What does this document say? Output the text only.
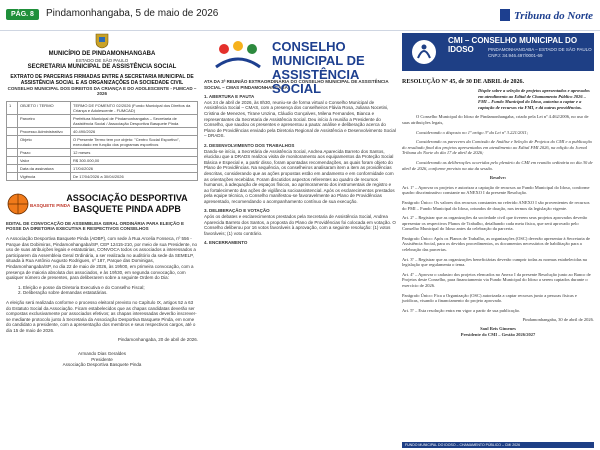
PÁG. 8	Pindamonhangaba, 5 de maio de 2026	Tribuna do Norte
MUNICÍPIO DE PINDAMONHANGABA
ESTADO DE SÃO PAULO
SECRETARIA MUNICIPAL DE ASSISTÊNCIA SOCIAL
EXTRATO DE PARCERIAS FIRMADAS ENTRE A SECRETARIA MUNICIPAL DE ASSISTÊNCIA SOCIAL E AS ORGANIZAÇÕES DA SOCIEDADE CIVIL
CONSELHO MUNICIPAL DOS DIREITOS DA CRIANÇA E DO ADOLESCENTE - FUMCAD – 2026
1	OBJETO / TERMO	TERMO DE FOMENTO 02/2026 (Fundo Municipal dos Direitos da Criança e Adolescente - FUMCAD)
	Parceiro	Prefeitura Municipal de Pindamonhangaba – Secretaria de Assistência Social / Associação Desportiva Basquete Pinda
	Processo Administrativo	40.490/2026
	Objeto	O Presente Termo tem por objeto: "Centro Social Esportivo", executado em função dos programas esportivos
	Prazo	12 meses
	Valor	R$ 300.000,00
	Data da assinatura	17/04/2026
	Vigência	De 17/04/2026 a 30/04/2026
BASQUETE PINDA
ASSOCIAÇÃO DESPORTIVA BASQUETE PINDA ADPB
EDITAL DE CONVOCAÇÃO DE ASSEMBLEIA GERAL ORDINÁRIA PARA ELEIÇÃO E POSSE DA DIRETORIA EXECUTIVA E RESPECTIVOS CONSELHOS
A Associação Desportiva Basquete Pinda (ADBP), com sede à Rua Arcelia Fonseca, nº 556 - Parque das Dobimiras, Pindamonhangaba/SP, CEP 12415-210, por meio de sua Presidente, no uso de suas atribuições legais e estatutárias, CONVOCA todos os associados a interessados a participarem da Assembleia Geral Ordinária, a ser realizada no auditório da sede da SEMELP, situada à Rua Antônio Augusto Rodrigues, nº 187, Parque das Dominigas, Pindamonhangaba/SP, no dia 22 de maio de 2026, às 19h00, em primeira convocação, com a presença de maioria absoluta dos associados, e às 19h30, em segunda convocação, com qualquer número de presentes, para deliberarem sobre a seguinte Ordem do Dia:
1. Eleição e posse da Diretoria Executiva e do Conselho Fiscal;
2. Deliberação sobre demandas estatutárias.
A eleição será realizada conforme o processo eleitoral previsto no Capítulo IX, artigos 52 a 63 do Estatuto Social da Associação. Ficam estabelecidos que as chapas candidatas deverão ser compostas exclusivamente por associados efetivos; as chapas interessadas deverão inscrever-se mediante protocolo junto à Secretaria da Associação Desportiva Basquete Pinda, em nome do candidato a presidente, com a apresentação dos membros e seus respectivos cargos, até o dia 15 de maio de 2026.
Pindamonhangaba, 20 de abril de 2026.
Armando Dias Geraldes
Presidente
Associação Desportiva Basquete Pinda
CONSELHO MUNICIPAL DE
ASSISTÊNCIA SOCIAL
ATA DA 3ª REUNIÃO EXTRAORDINÁRIA DO CONSELHO MUNICIPAL DE ASSISTÊNCIA SOCIAL – CMAS PINDAMONHANGABA
1. ABERTURA E PAUTA
Aos 24 de abril de 2026, às 8h30, reuniu-se de forma virtual o Conselho Municipal de Assistência Social – CMAS, com a presença dos conselheiros Flávia Rosa, Juliana Nocetini, Cristina de Menezes, Tirane Unzina, Cláudio Gonçalves, Milena Fernandes, Bianca e representantes da Secretaria de Assistência Social. Deu início à reunião a Presidente do Conselho, que saudou os presentes e apresentou a pauta: análise e deliberação acerca do Plano de Providências enviado pela Diretoria Regional de Assistência e Desenvolvimento Social – DRADS.
2. DESENVOLVIMENTO DOS TRABALHOS
Dando-se início, a Secretária de Assistência Social, Andrea Aparecida Barreto dos Santos, elucidou que a DRADS realizou visita de monitoramento aos equipamentos da Proteção Social Básica e Especial e, a partir disso, foram apontadas recomendações, as quais foram objeto do Plano de Providências. Na sequência, os conselheiros analisaram item a item as providências descritas, considerando que as ações propostas estão em andamento e em conformidade com as orientações recebidas. Foram discutidos aspectos referentes ao quadro de recursos humanos, à adequação de espaços físicos, ao aprimoramento dos instrumentais de registro e ao fortalecimento das ações de vigilância socioassistencial. Após os esclarecimentos prestados pela equipe técnica, o Conselho manifestou-se favoravelmente ao Plano de Providências apresentado, recomendando o acompanhamento contínuo de sua execução.
3. DELIBERAÇÃO E VOTAÇÃO
Após os debates e esclarecimentos prestados pela Secretaria de Assistência Social, Andrea Aparecida Barreto dos Santos, a proposta do Plano de Providências foi colocada em votação. O Conselho deliberou por 16 votos favoráveis à aprovação, com a seguinte resolução: (1) votos favoráveis; (1) voto contrário.
4. ENCERRAMENTO
CMI – CONSELHO MUNICIPAL DO IDOSO	PINDAMONHANGABA – ESTADO DE SÃO PAULO
CNPJ: 34.946.497/0001-69
RESOLUÇÃO Nº 45, de 30 DE ABRIL de 2026.
Dispõe sobre a seleção de projetos apresentados e aprovados em atendimento ao Edital de Chamamento Público 2026 – FMI – Fundo Municipal do Idoso, autoriza a captar e a captação de recursos via FMI, e dá outras providências.
O Conselho Municipal do Idoso de Pindamonhangaba, criado pela Lei nº 4.462/2006, no uso de suas atribuições legais,
Considerando o disposto no 1º artigo 3º da Lei nº 3.221/2011;
Considerando os pareceres da Comissão de Análise e Seleção de Projetos do CMI e a publicação do resultado final dos projetos apresentados em atendimento ao Edital FMI 2026, na edição do Jornal Tribuna do Norte do dia 17 de abril de 2026;
Considerando as deliberações ocorridas pelo plenário do CMI em reunião ordinária no dia 30 de abril de 2026, conforme previsto na ata da sessão.
Resolve:
Art. 1º – Aprovar os projetos e autorizar a captação de recursos ao Fundo Municipal do Idoso, conforme quadro discriminativo constante no ANEXO I da presente Resolução.
Parágrafo Único: Os valores dos recursos constantes no referido ANEXO I são provenientes de recursos do FMI – Fundo Municipal do Idoso, oriundos de doação, nos termos da legislação vigente.
Art. 2º – Registrar que as organizações da sociedade civil que tiverem seus projetos aprovados deverão apresentar os respectivos Planos de Trabalho, detalhando cada meta física, que será aprovado pelo Conselho Municipal do Idoso antes da celebração da parceria.
Parágrafo Único: Após os Planos de Trabalho, as organizações (OSC) deverão apresentar à Secretaria de Assistência Social, para os devidos procedimentos, os documentos necessários de habilitação para a celebração das parcerias.
Art. 3º – Registrar que as organizações beneficiárias deverão cumprir todas as normas estabelecidas na legislação que regulamenta o tema.
Art. 4º – Aprovar o cadastro dos projetos elencados no Anexo I da presente Resolução junto ao Banco de Projetos deste Conselho, para financiamento via Fundo Municipal do Idoso a serem captados durante o exercício de 2026.
Parágrafo Único: Fica a Organização (OSC) autorizada a captar recursos junto a pessoas físicas e jurídicas, visando a financiamento do projeto aprovado.
Art. 5º – Esta resolução entra em vigor a partir de sua publicação.
Pindamonhangaba, 30 de abril de 2026.
Saul Reis Gimenes
Presidente do CMI – Gestão 2026/2027
FUNDO MUNICIPAL DO IDOSO – CHAMAMENTO PÚBLICO – CMI 2026
